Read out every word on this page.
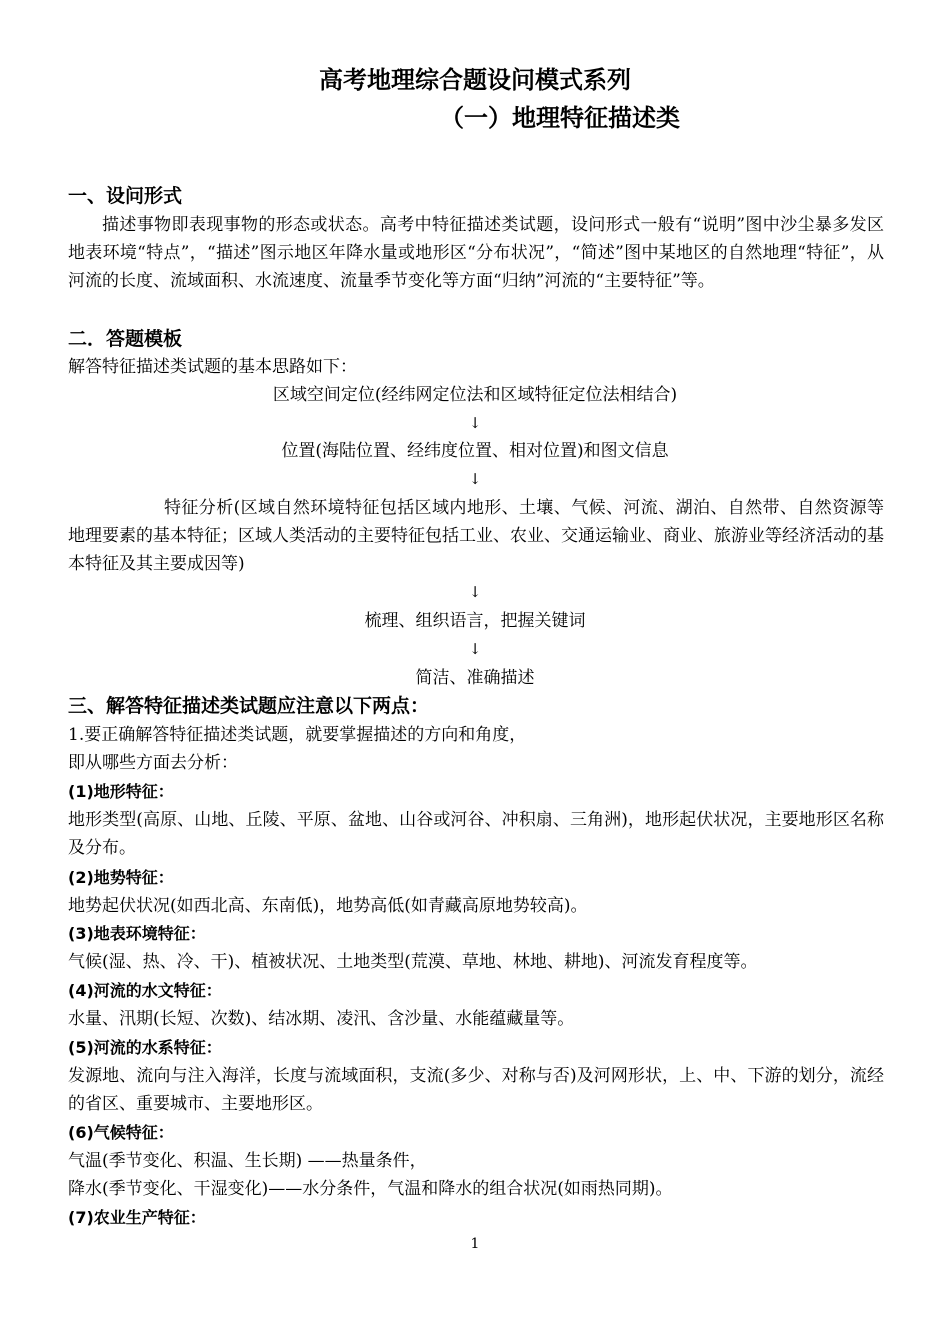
高考地理综合题设问模式系列
（一）地理特征描述类
一、设问形式
描述事物即表现事物的形态或状态。高考中特征描述类试题，设问形式一般有“说明”图中沙尘暴多发区地表环境“特点”，“描述”图示地区年降水量或地形区“分布状况”，“简述”图中某地区的自然地理“特征”，从河流的长度、流域面积、水流速度、流量季节变化等方面“归纳”河流的“主要特征”等。
二．答题模板
解答特征描述类试题的基本思路如下：
区域空间定位(经纬网定位法和区域特征定位法相结合)
↓
位置(海陆位置、经纬度位置、相对位置)和图文信息
↓
特征分析(区域自然环境特征包括区域内地形、土壤、气候、河流、湖泊、自然带、自然资源等地理要素的基本特征；区域人类活动的主要特征包括工业、农业、交通运输业、商业、旅游业等经济活动的基本特征及其主要成因等)
↓
梳理、组织语言，把握关键词
↓
简洁、准确描述
三、解答特征描述类试题应注意以下两点：
1.要正确解答特征描述类试题，就要掌握描述的方向和角度，
即从哪些方面去分析：
(1)地形特征：
地形类型(高原、山地、丘陵、平原、盆地、山谷或河谷、冲积扇、三角洲)，地形起伏状况，主要地形区名称及分布。
(2)地势特征：
地势起伏状况(如西北高、东南低)，地势高低(如青藏高原地势较高)。
(3)地表环境特征：
气候(湿、热、冷、干)、植被状况、土地类型(荒漠、草地、林地、耕地)、河流发育程度等。
(4)河流的水文特征：
水量、汛期(长短、次数)、结冰期、凌汛、含沙量、水能蕴藏量等。
(5)河流的水系特征：
发源地、流向与注入海洋，长度与流域面积，支流(多少、对称与否)及河网形状，上、中、下游的划分，流经的省区、重要城市、主要地形区。
(6)气候特征：
气温(季节变化、积温、生长期) ——热量条件，
降水(季节变化、干湿变化)——水分条件，气温和降水的组合状况(如雨热同期)。
(7)农业生产特征：
1
